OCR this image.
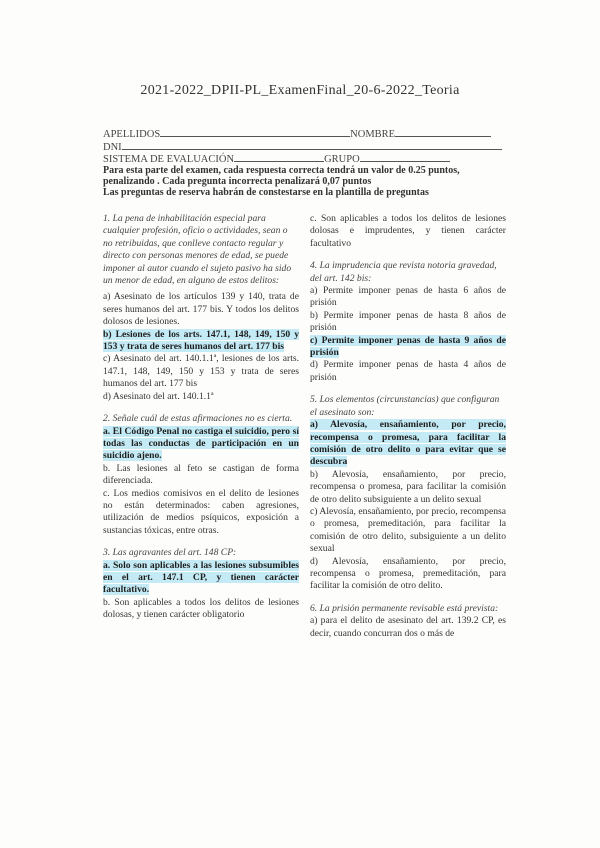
2021-2022_DPII-PL_ExamenFinal_20-6-2022_Teoria
APELLIDOS	NOMBRE
DNI
SISTEMA DE EVALUACIÓN	GRUPO
Para esta parte del examen, cada respuesta correcta tendrá un valor de 0.25 puntos,
penalizando . Cada pregunta incorrecta penalizará 0,07 puntos
Las preguntas de reserva habrán de constestarse en la plantilla de preguntas
1. La pena de inhabilitación especial para cualquier profesión, oficio o actividades, sean o no retribuidas, que conlleve contacto regular y directo con personas menores de edad, se puede imponer al autor cuando el sujeto pasivo ha sido un menor de edad, en alguno de estos delitos:
a) Asesinato de los artículos 139 y 140, trata de seres humanos del art. 177 bis. Y todos los delitos dolosos de lesiones.
b) Lesiones de los arts. 147.1, 148, 149, 150 y 153 y trata de seres humanos del art. 177 bis
c) Asesinato del art. 140.1.1ª, lesiones de los arts. 147.1, 148, 149, 150 y 153 y trata de seres humanos del art. 177 bis
d) Asesinato del art. 140.1.1ª
2. Señale cuál de estas afirmaciones no es cierta.
a. El Código Penal no castiga el suicidio, pero sí todas las conductas de participación en un suicidio ajeno.
b. Las lesiones al feto se castigan de forma diferenciada.
c. Los medios comisivos en el delito de lesiones no están determinados: caben agresiones, utilización de medios psíquicos, exposición a sustancias tóxicas, entre otras.
3. Las agravantes del art. 148 CP:
a. Solo son aplicables a las lesiones subsumibles en el art. 147.1 CP, y tienen carácter facultativo.
b. Son aplicables a todos los delitos de lesiones dolosas, y tienen carácter obligatorio
c. Son aplicables a todos los delitos de lesiones dolosas e imprudentes, y tienen carácter facultativo
4. La imprudencia que revista notoria gravedad, del art. 142 bis:
a) Permite imponer penas de hasta 6 años de prisión
b) Permite imponer penas de hasta 8 años de prisión
c) Permite imponer penas de hasta 9 años de prisión
d) Permite imponer penas de hasta 4 años de prisión
5. Los elementos (circunstancias) que configuran el asesinato son:
a) Alevosía, ensañamiento, por precio, recompensa o promesa, para facilitar la comisión de otro delito o para evitar que se descubra
b) Alevosía, ensañamiento, por precio, recompensa o promesa, para facilitar la comisión de otro delito subsiguiente a un delito sexual
c) Alevosía, ensañamiento, por precio, recompensa o promesa, premeditación, para facilitar la comisión de otro delito, subsiguiente a un delito sexual
d) Alevosía, ensañamiento, por precio, recompensa o promesa, premeditación, para facilitar la comisión de otro delito.
6. La prisión permanente revisable está prevista:
a) para el delito de asesinato del art. 139.2 CP, es decir, cuando concurran dos o más de
